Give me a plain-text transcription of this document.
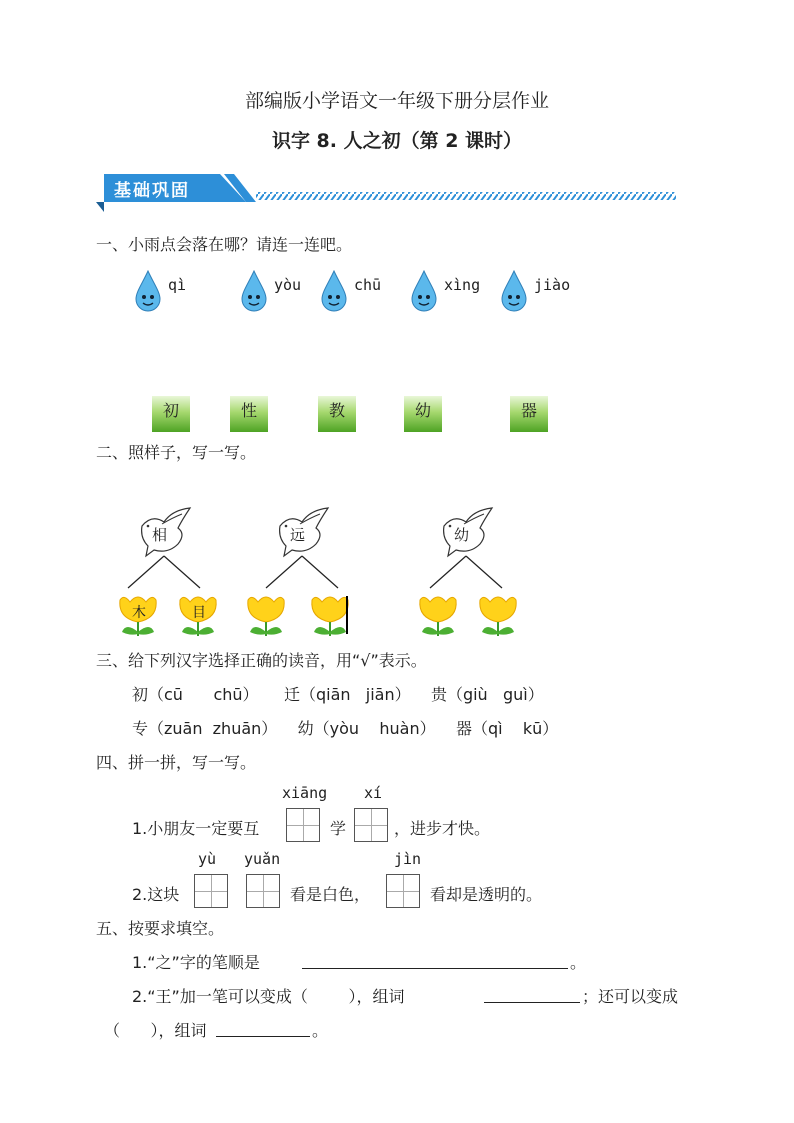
部编版小学语文一年级下册分层作业
识字 8. 人之初（第 2 课时）
基础巩固
一、小雨点会落在哪？请连一连吧。
qì	yòu	chū	xìng	jiào
初	性	教	幼	器
二、照样子，写一写。
相	远	幼
木	目
三、给下列汉字选择正确的读音，用“√”表示。
初（cū      chū）     迁（qiān   jiān）    贵（giù   guì）
专（zuān  zhuān）    幼（yòu    huàn）    器（qì    kū）
四、拼一拼，写一写。
xiāng xí
1.小朋友一定要互	学	，进步才快。
yù yuǎn	jìn
2.这块	看是白色，	看却是透明的。
五、按要求填空。
1.“之”字的笔顺是	。
2.“王”加一笔可以变成（        ），组词	；还可以变成
（      ），组词	。
